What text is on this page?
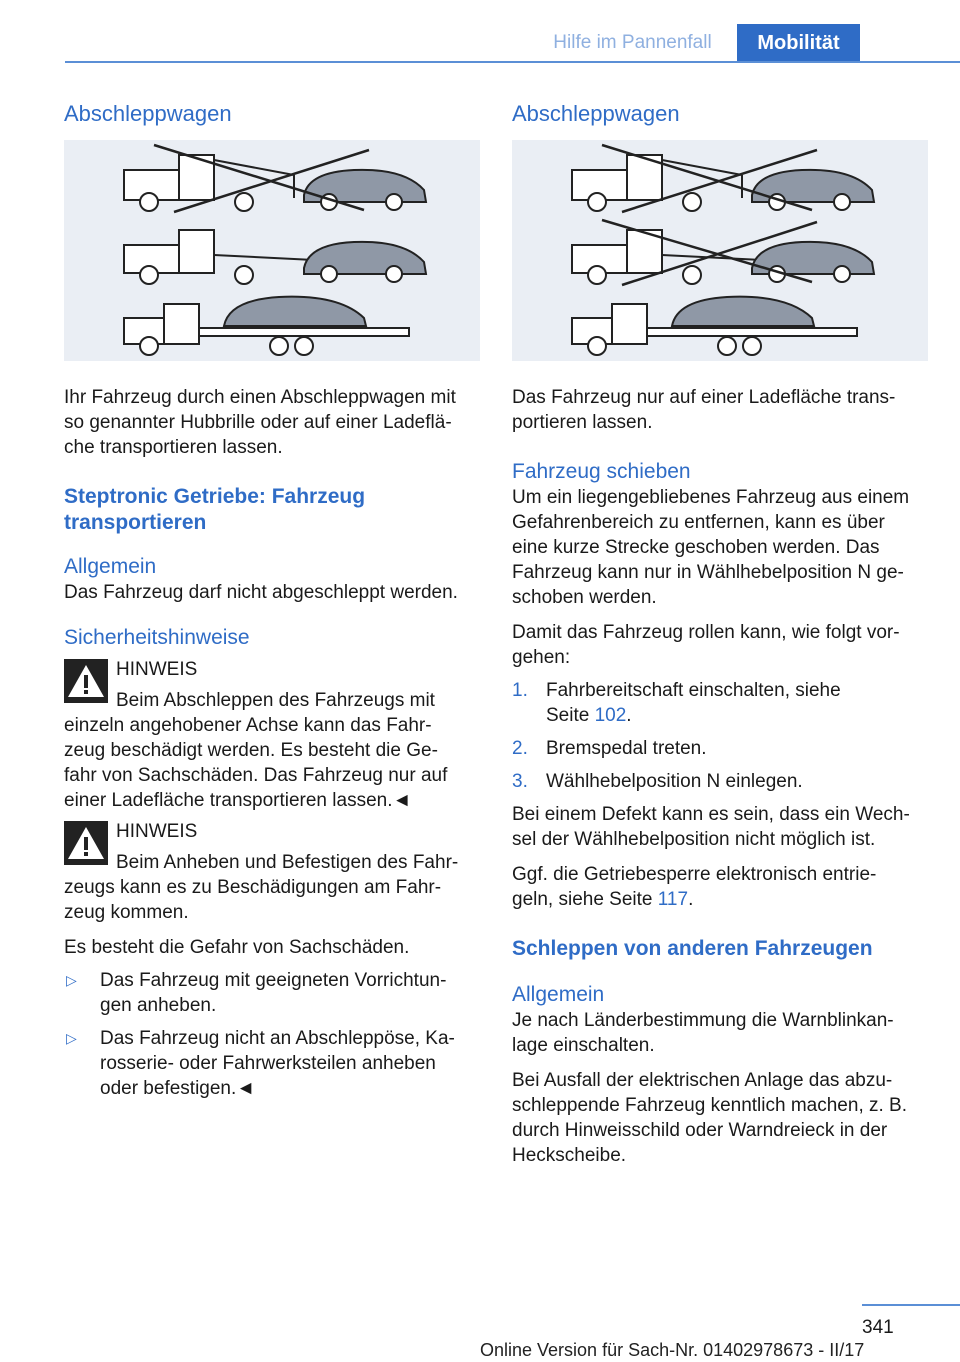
Hilfe im Pannenfall	Mobilität
Abschleppwagen

Ihr Fahrzeug durch einen Abschleppwagen mit
so genannter Hubbrille oder auf einer Ladeflä-
che transportieren lassen.

Steptronic Getriebe: Fahrzeug
transportieren
Allgemein

Das Fahrzeug darf nicht abgeschleppt werden.

Sicherheitshinweise
HINWEIS
Beim Abschleppen des Fahrzeugs mit

einzeln angehobener Achse kann das Fahr-
zeug beschädigt werden. Es besteht die Ge-
fahr von Sachschäden. Das Fahrzeug nur auf
einer Ladefläche transportieren lassen.◄

HINWEIS
Beim Anheben und Befestigen des Fahr-

zeugs kann es zu Beschädigungen am Fahr-
zeug kommen.

Es besteht die Gefahr von Sachschäden.

▷	Das Fahrzeug mit geeigneten Vorrichtun-
gen anheben.
▷	Das Fahrzeug nicht an Abschleppöse, Ka-
rosserie- oder Fahrwerksteilen anheben
oder befestigen.◄
Abschleppwagen

Das Fahrzeug nur auf einer Ladefläche trans-
portieren lassen.

Fahrzeug schieben

Um ein liegengebliebenes Fahrzeug aus einem
Gefahrenbereich zu entfernen, kann es über
eine kurze Strecke geschoben werden. Das
Fahrzeug kann nur in Wählhebelposition N ge-
schoben werden.

Damit das Fahrzeug rollen kann, wie folgt vor-
gehen:

1. Fahrbereitschaft einschalten, siehe
Seite 102.
2. Bremspedal treten.
3. Wählhebelposition N einlegen.

Bei einem Defekt kann es sein, dass ein Wech-
sel der Wählhebelposition nicht möglich ist.

Ggf. die Getriebesperre elektronisch entrie-
geln, siehe Seite 117.

Schleppen von anderen Fahrzeugen
Allgemein

Je nach Länderbestimmung die Warnblinkan-
lage einschalten.

Bei Ausfall der elektrischen Anlage das abzu-
schleppende Fahrzeug kenntlich machen, z. B.
durch Hinweisschild oder Warndreieck in der
Heckscheibe.

341
Online Version für Sach-Nr. 01402978673 - II/17
